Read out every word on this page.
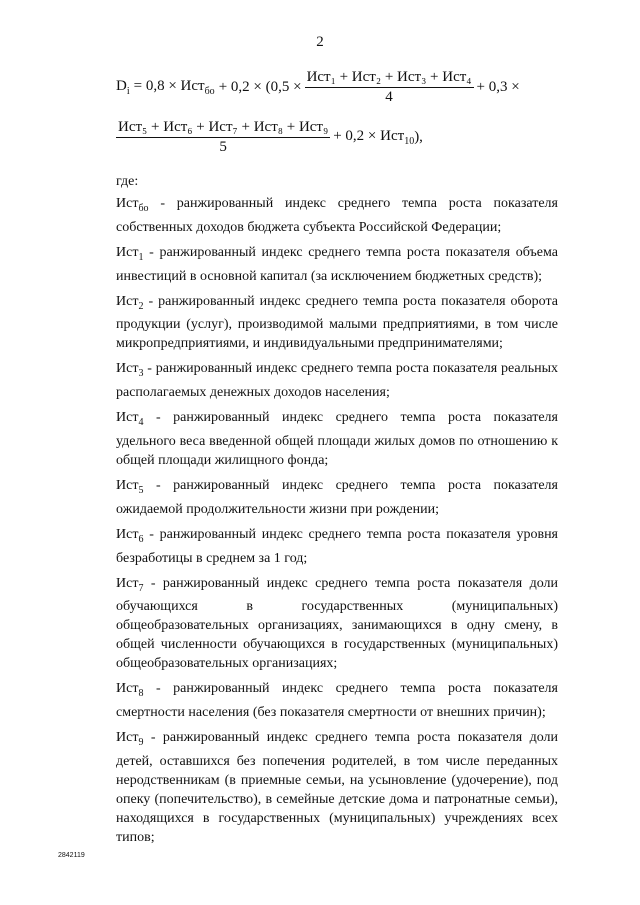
2
$D_i = 0,8 \times Ист_{бо} + 0,2 \times (0,5 \times \frac{\text{Ист₁ + Ист₂ + Ист₃ + Ист₄}}{4} + 0,3$ ×
$\frac{\text{Ист₅ + Ист₆ + Ист₇ + Ист₈ + Ист₉}}{5} + 0,2 \times Ист_{10}$ ),

где:

Ист$_{бо}$ - ранжированный индекс среднего темпа роста показателя собственных доходов бюджета субъекта Российской Федерации;

Ист$_1$ - ранжированный индекс среднего темпа роста показателя объема инвестиций в основной капитал (за исключением бюджетных средств);

Ист$_2$ - ранжированный индекс среднего темпа роста показателя оборота продукции (услуг), производимой малыми предприятиями, в том числе микропредприятиями, и индивидуальными предпринимателями;

Ист$_3$ - ранжированный индекс среднего темпа роста показателя реальных располагаемых денежных доходов населения;

Ист$_4$ - ранжированный индекс среднего темпа роста показателя удельного веса введенной общей площади жилых домов по отношению к общей площади жилищного фонда;

Ист$_5$ - ранжированный индекс среднего темпа роста показателя ожидаемой продолжительности жизни при рождении;

Ист$_6$ - ранжированный индекс среднего темпа роста показателя уровня безработицы в среднем за 1 год;

Ист$_7$ - ранжированный индекс среднего темпа роста показателя доли обучающихся в государственных (муниципальных) общеобразовательных организациях, занимающихся в одну смену, в общей численности обучающихся в государственных (муниципальных) общеобразовательных организациях;

Ист$_8$ - ранжированный индекс среднего темпа роста показателя смертности населения (без показателя смертности от внешних причин);

Ист$_9$ - ранжированный индекс среднего темпа роста показателя доли детей, оставшихся без попечения родителей, в том числе переданных неродственникам (в приемные семьи, на усыновление (удочерение), под опеку (попечительство), в семейные детские дома и патронатные семьи), находящихся в государственных (муниципальных) учреждениях всех типов;

2842119
